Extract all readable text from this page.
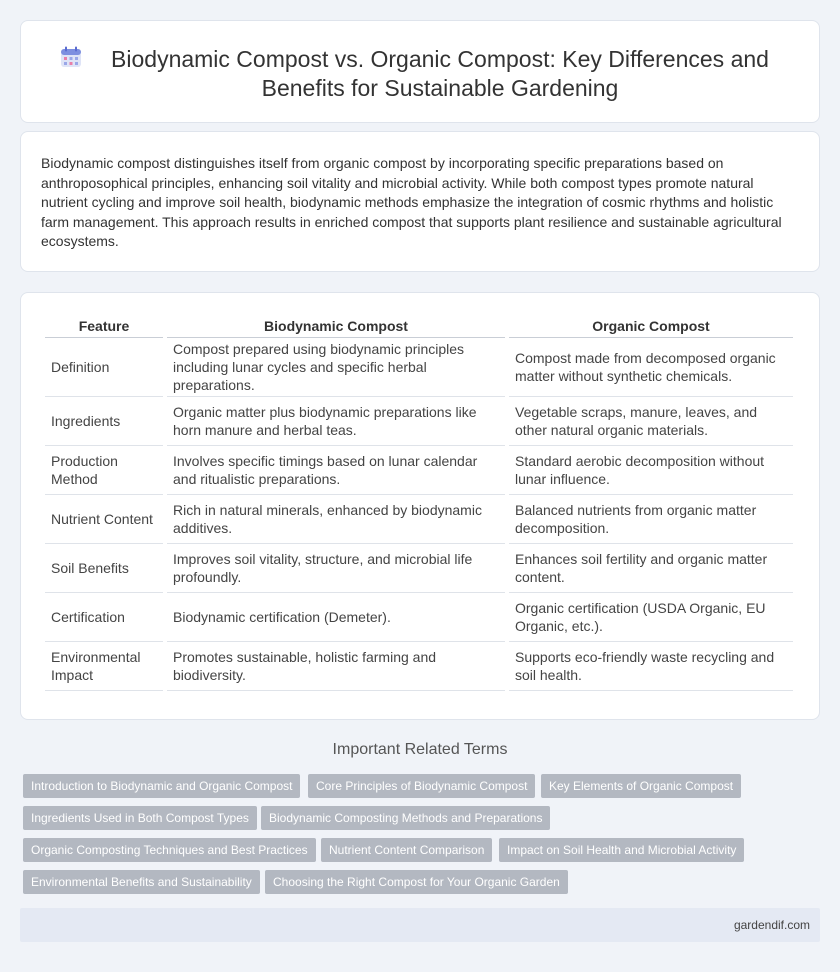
Biodynamic Compost vs. Organic Compost: Key Differences and Benefits for Sustainable Gardening

Biodynamic compost distinguishes itself from organic compost by incorporating specific preparations based on anthroposophical principles, enhancing soil vitality and microbial activity. While both compost types promote natural nutrient cycling and improve soil health, biodynamic methods emphasize the integration of cosmic rhythms and holistic farm management. This approach results in enriched compost that supports plant resilience and sustainable agricultural ecosystems.

Feature	Biodynamic Compost	Organic Compost
Definition	Compost prepared using biodynamic principles including lunar cycles and specific herbal preparations.	Compost made from decomposed organic matter without synthetic chemicals.
Ingredients	Organic matter plus biodynamic preparations like horn manure and herbal teas.	Vegetable scraps, manure, leaves, and other natural organic materials.
Production Method	Involves specific timings based on lunar calendar and ritualistic preparations.	Standard aerobic decomposition without lunar influence.
Nutrient Content	Rich in natural minerals, enhanced by biodynamic additives.	Balanced nutrients from organic matter decomposition.
Soil Benefits	Improves soil vitality, structure, and microbial life profoundly.	Enhances soil fertility and organic matter content.
Certification	Biodynamic certification (Demeter).	Organic certification (USDA Organic, EU Organic, etc.).
Environmental Impact	Promotes sustainable, holistic farming and biodiversity.	Supports eco-friendly waste recycling and soil health.
Important Related Terms
Introduction to Biodynamic and Organic Compost	Core Principles of Biodynamic Compost	Key Elements of Organic Compost
Ingredients Used in Both Compost Types	Biodynamic Composting Methods and Preparations
Organic Composting Techniques and Best Practices	Nutrient Content Comparison	Impact on Soil Health and Microbial Activity
Environmental Benefits and Sustainability	Choosing the Right Compost for Your Organic Garden
gardendif.com
